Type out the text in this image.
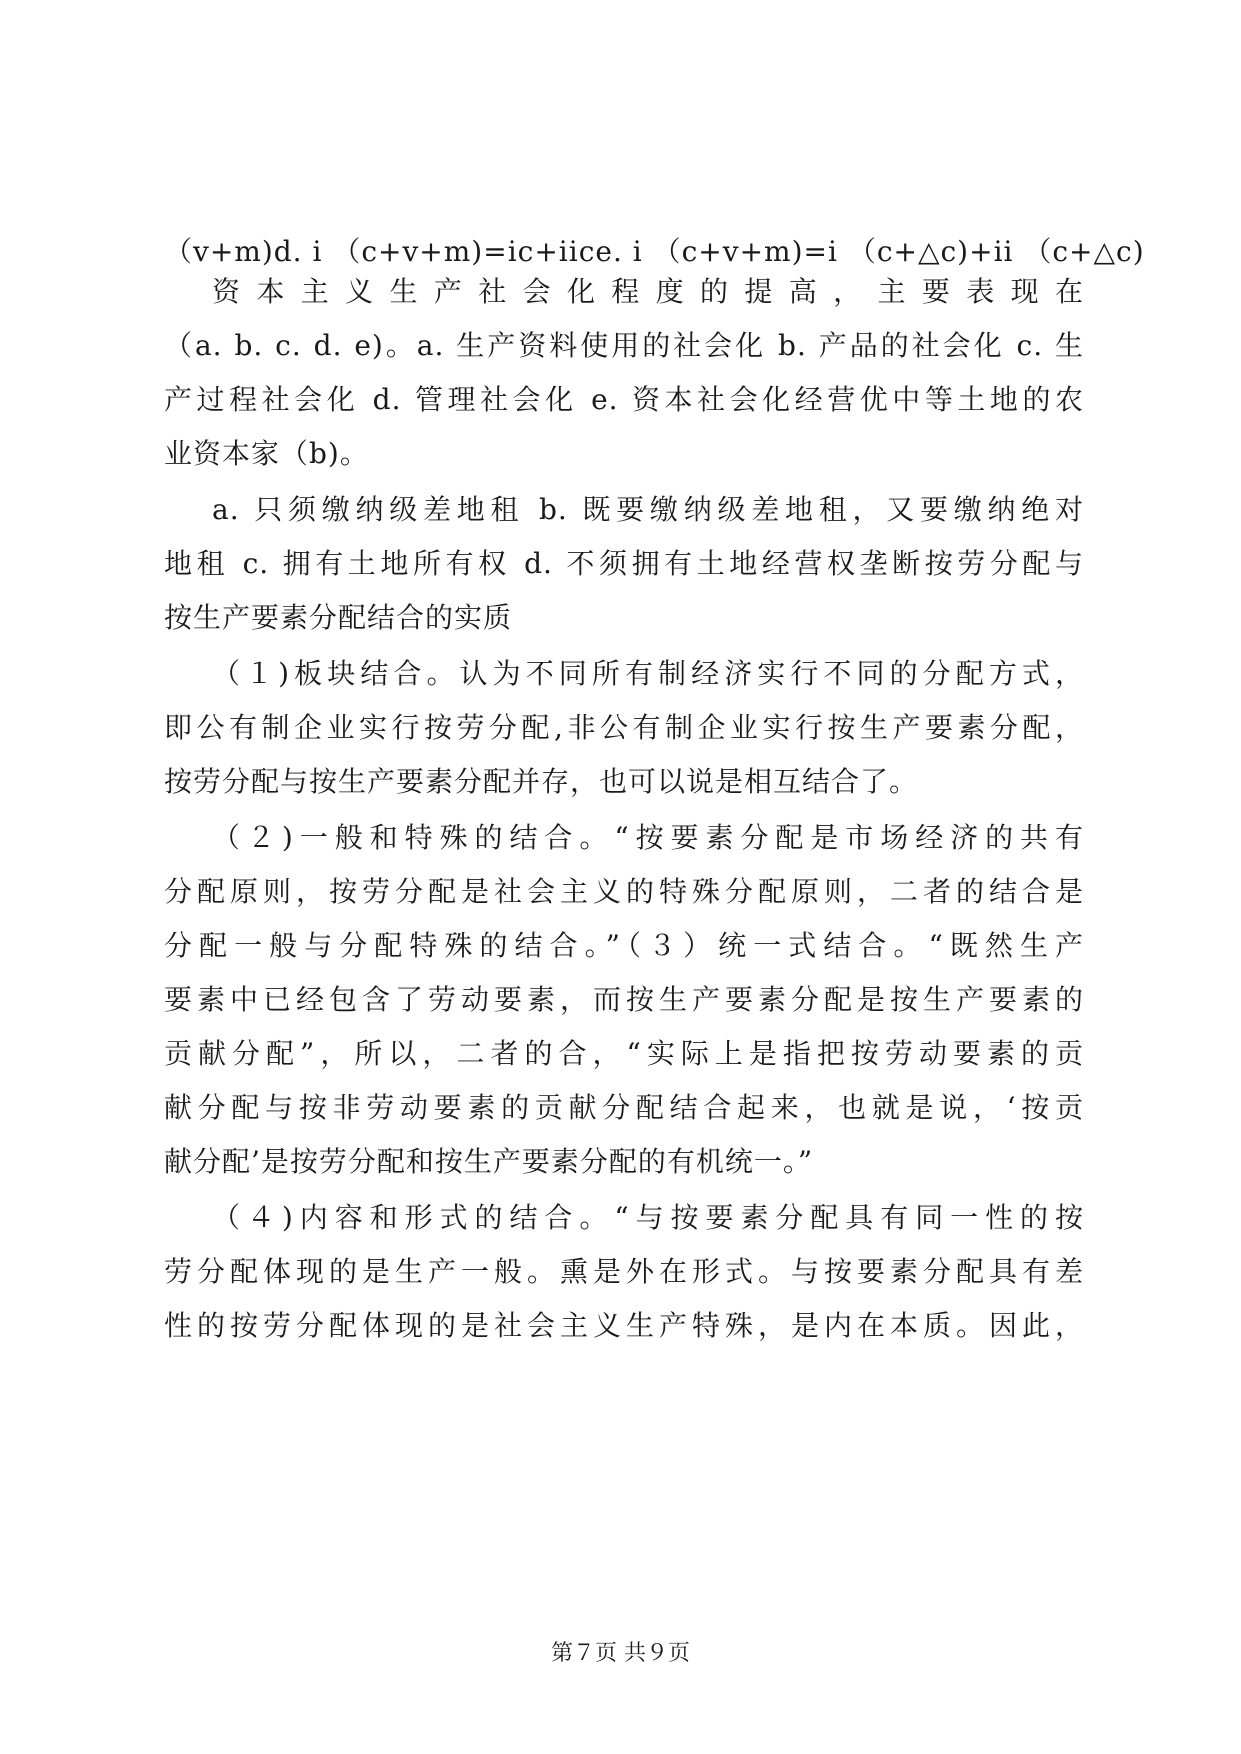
（v+m)d. i （c+v+m)=ic+iice. i （c+v+m)=i （c+△c)+ii （c+△c)
资 本 主 义 生 产 社 会 化 程 度 的 提 高 ， 主 要 表 现 在
（a. b. c. d. e)。a. 生产资料使用的社会化 b. 产品的社会化 c. 生
产过程社会化 d. 管理社会化 e. 资本社会化经营优中等土地的农
业资本家（b)。
a. 只须缴纳级差地租 b. 既要缴纳级差地租，又要缴纳绝对
地租 c. 拥有土地所有权 d. 不须拥有土地经营权垄断按劳分配与
按生产要素分配结合的实质
（１)板块结合。认为不同所有制经济实行不同的分配方式，
即公有制企业实行按劳分配,非公有制企业实行按生产要素分配，
按劳分配与按生产要素分配并存，也可以说是相互结合了。
（２)一般和特殊的结合。“按要素分配是市场经济的共有
分配原则，按劳分配是社会主义的特殊分配原则，二者的结合是
分配一般与分配特殊的结合。”（３）统一式结合。“既然生产
要素中已经包含了劳动要素，而按生产要素分配是按生产要素的
贡献分配”，所以，二者的合，“实际上是指把按劳动要素的贡
献分配与按非劳动要素的贡献分配结合起来，也就是说，‘按贡
献分配’是按劳分配和按生产要素分配的有机统一。”
（４)内容和形式的结合。“与按要素分配具有同一性的按
劳分配体现的是生产一般。熏是外在形式。与按要素分配具有差
性的按劳分配体现的是社会主义生产特殊，是内在本质。因此，
第７页 共９页
